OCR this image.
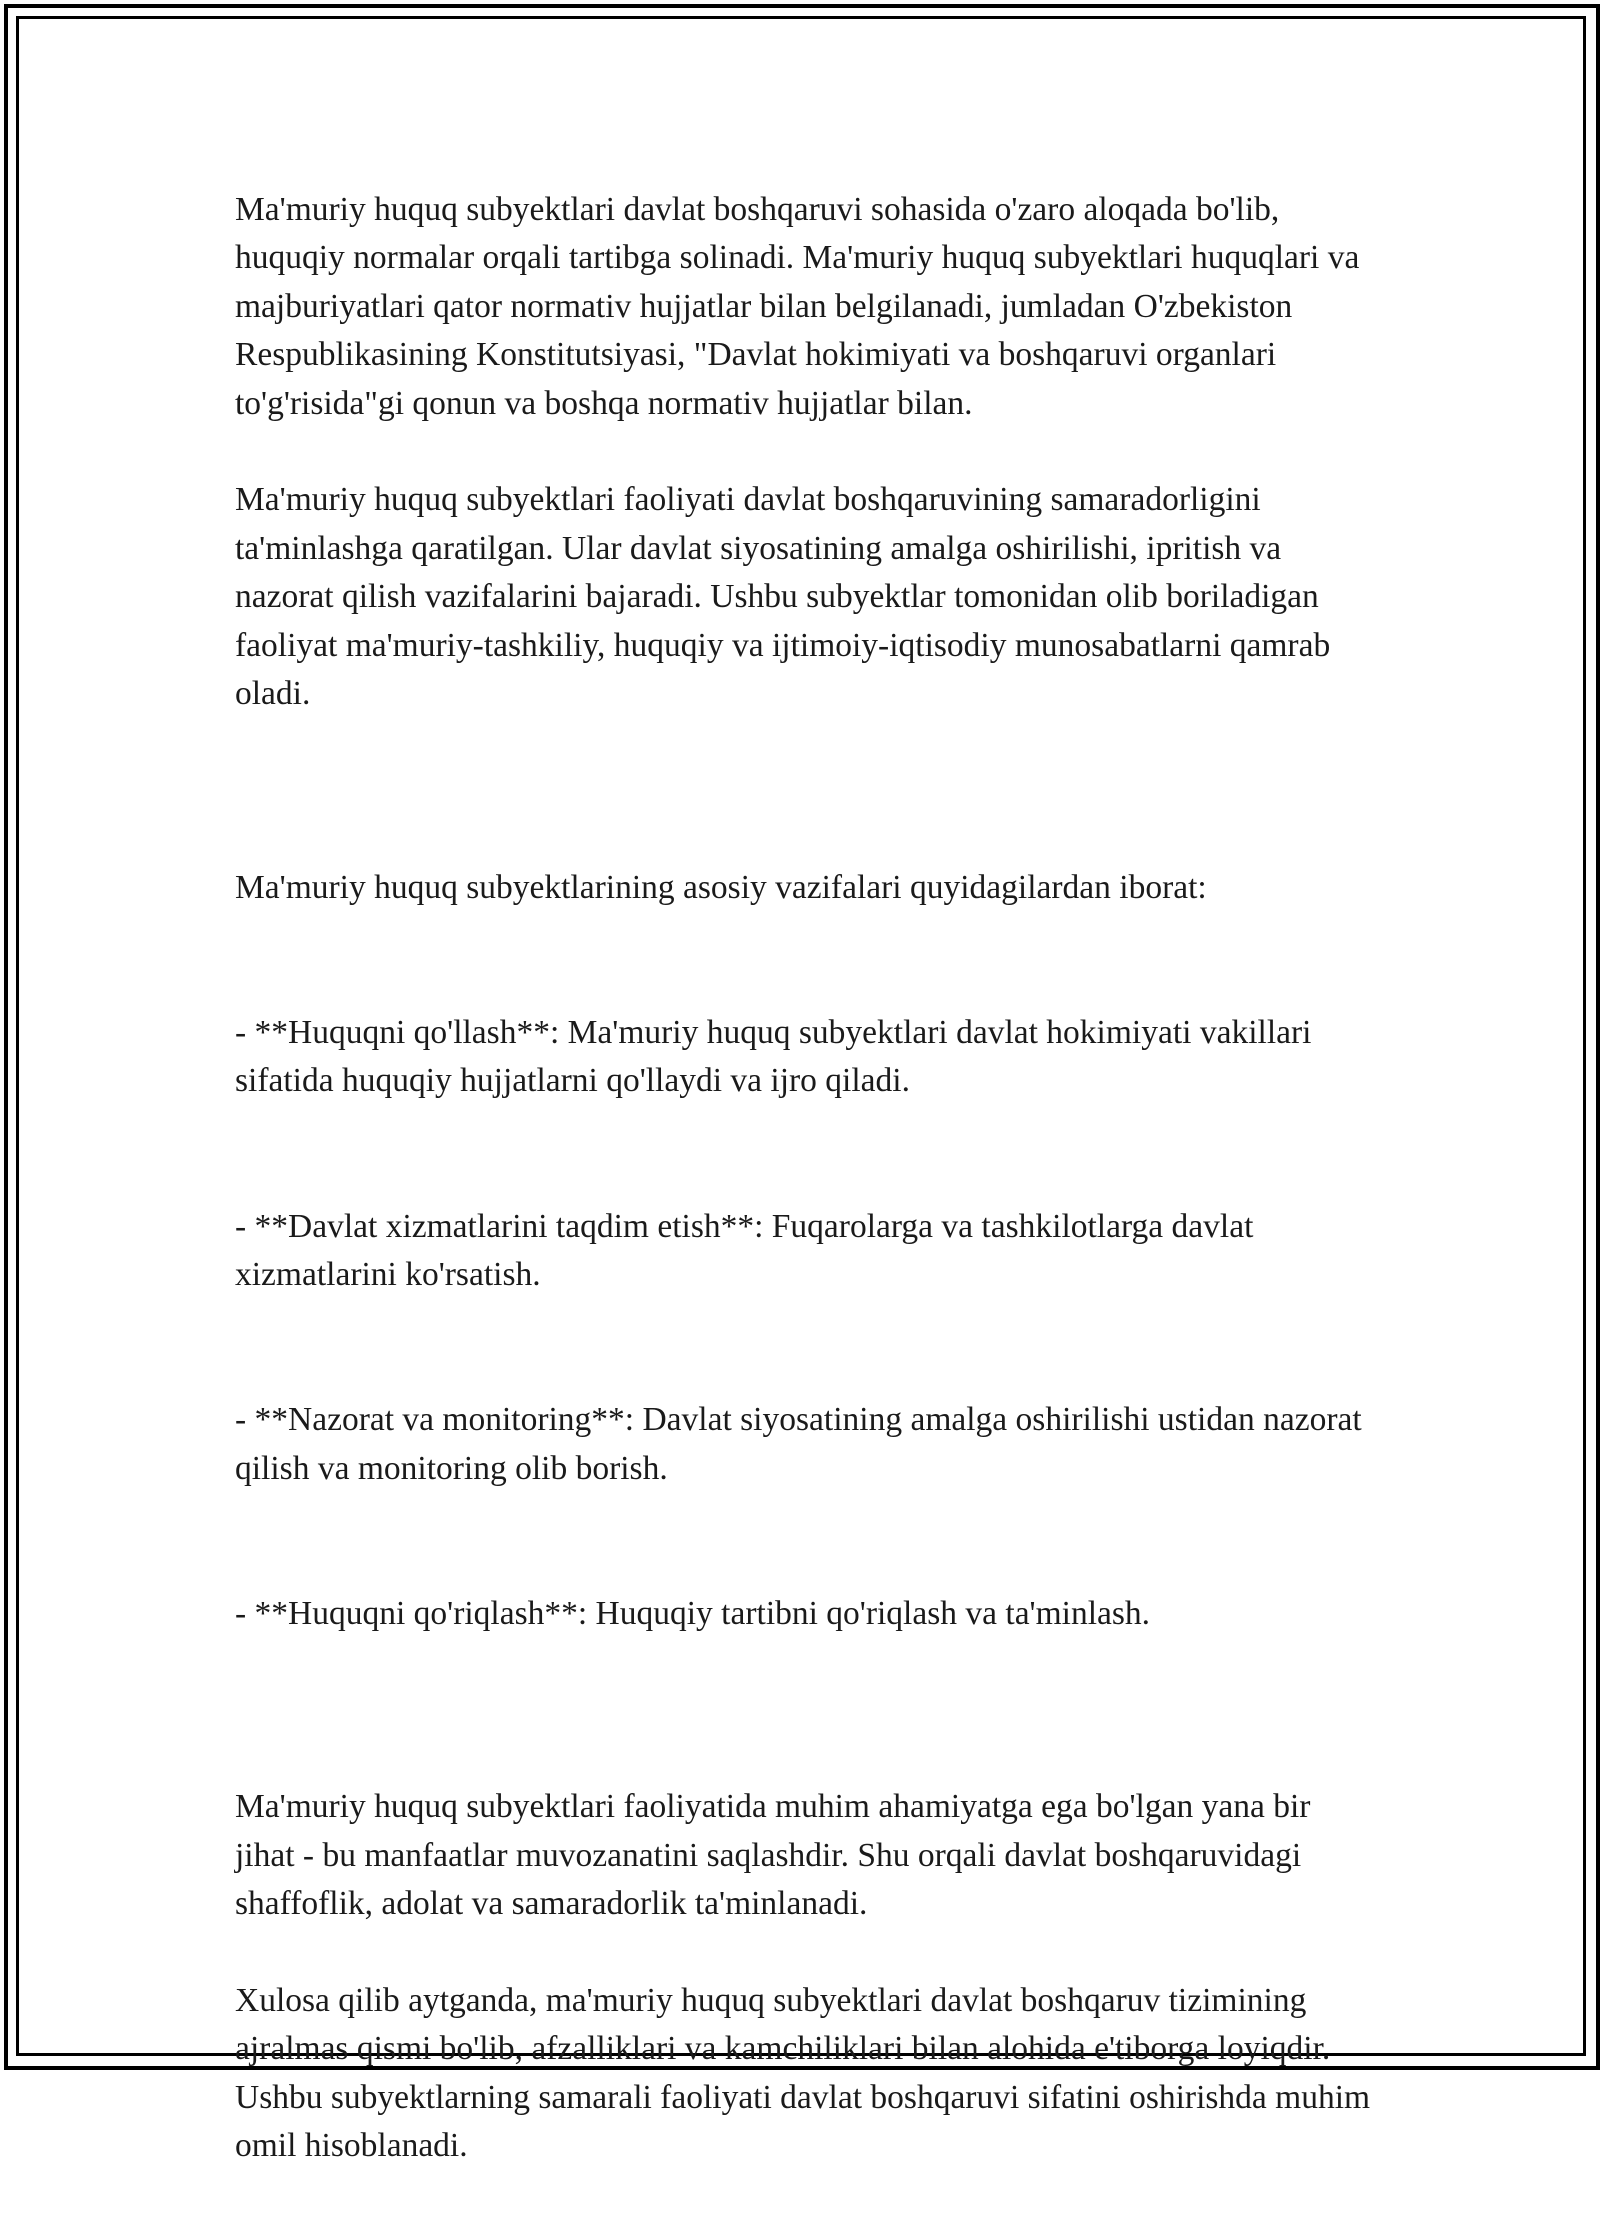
Ma'muriy huquq subyektlari davlat boshqaruvi sohasida o'zaro aloqada bo'lib, huquqiy normalar orqali tartibga solinadi. Ma'muriy huquq subyektlari huquqlari va majburiyatlari qator normativ hujjatlar bilan belgilanadi, jumladan O'zbekiston Respublikasining Konstitutsiyasi, "Davlat hokimiyati va boshqaruvi organlari to'g'risida"gi qonun va boshqa normativ hujjatlar bilan.

Ma'muriy huquq subyektlari faoliyati davlat boshqaruvining samaradorligini ta'minlashga qaratilgan. Ular davlat siyosatining amalga oshirilishi, ipritish va nazorat qilish vazifalarini bajaradi. Ushbu subyektlar tomonidan olib boriladigan faoliyat ma'muriy-tashkiliy, huquqiy va ijtimoiy-iqtisodiy munosabatlarni qamrab oladi.

Ma'muriy huquq subyektlarining asosiy vazifalari quyidagilardan iborat:

- **Huquqni qo'llash**: Ma'muriy huquq subyektlari davlat hokimiyati vakillari sifatida huquqiy hujjatlarni qo'llaydi va ijro qiladi.

- **Davlat xizmatlarini taqdim etish**: Fuqarolarga va tashkilotlarga davlat xizmatlarini ko'rsatish.

- **Nazorat va monitoring**: Davlat siyosatining amalga oshirilishi ustidan nazorat qilish va monitoring olib borish.

- **Huquqni qo'riqlash**: Huquqiy tartibni qo'riqlash va ta'minlash.

Ma'muriy huquq subyektlari faoliyatida muhim ahamiyatga ega bo'lgan yana bir jihat - bu manfaatlar muvozanatini saqlashdir. Shu orqali davlat boshqaruvidagi shaffoflik, adolat va samaradorlik ta'minlanadi.

Xulosa qilib aytganda, ma'muriy huquq subyektlari davlat boshqaruv tizimining ajralmas qismi bo'lib, afzalliklari va kamchiliklari bilan alohida e'tiborga loyiqdir. Ushbu subyektlarning samarali faoliyati davlat boshqaruvi sifatini oshirishda muhim omil hisoblanadi.
